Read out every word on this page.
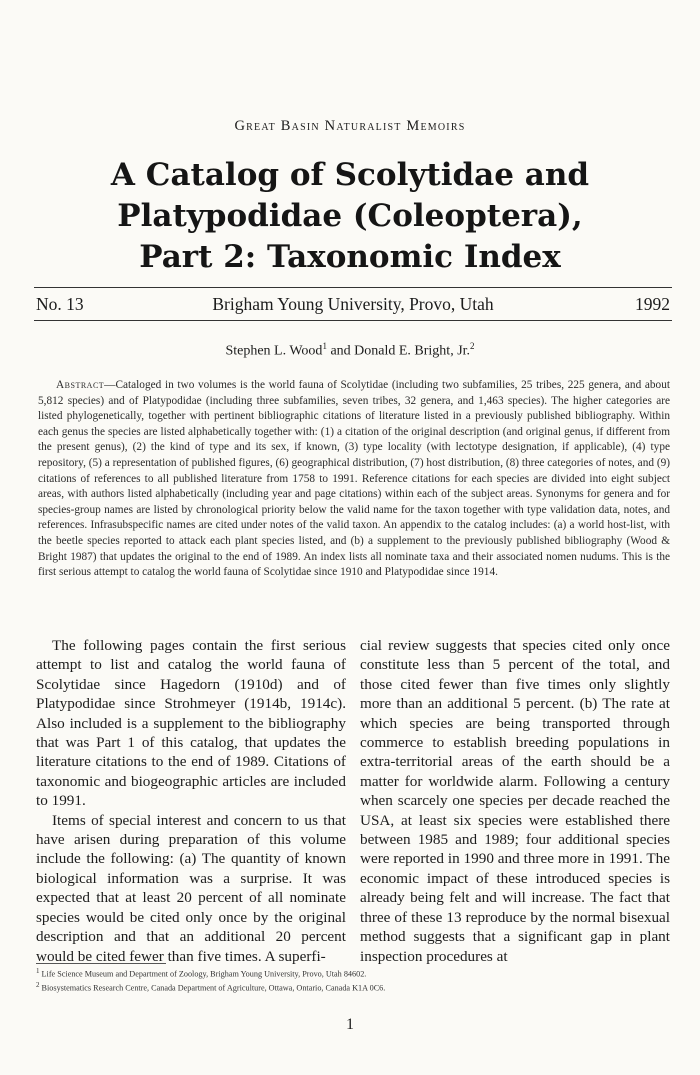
Great Basin Naturalist Memoirs
A Catalog of Scolytidae and
Platypodidae (Coleoptera),
Part 2: Taxonomic Index
Brigham Young University, Provo, Utah
No. 13	1992
Stephen L. Wood$^1$ and Donald E. Bright, Jr.$^2$
Abstract—Cataloged in two volumes is the world fauna of Scolytidae (including two subfamilies, 25 tribes, 225 genera, and about 5,812 species) and of Platypodidae (including three subfamilies, seven tribes, 32 genera, and 1,463 species). The higher categories are listed phylogenetically, together with pertinent bibliographic citations of literature listed in a previously published bibliography. Within each genus the species are listed alphabetically together with: (1) a citation of the original description (and original genus, if different from the present genus), (2) the kind of type and its sex, if known, (3) type locality (with lectotype designation, if applicable), (4) type repository, (5) a representation of published figures, (6) geographical distribution, (7) host distribution, (8) three categories of notes, and (9) citations of references to all published literature from 1758 to 1991. Reference citations for each species are divided into eight subject areas, with authors listed alphabetically (including year and page citations) within each of the subject areas. Synonyms for genera and for species-group names are listed by chronological priority below the valid name for the taxon together with type validation data, notes, and references. Infrasubspecific names are cited under notes of the valid taxon. An appendix to the catalog includes: (a) a world host-list, with the beetle species reported to attack each plant species listed, and (b) a supplement to the previously published bibliography (Wood & Bright 1987) that updates the original to the end of 1989. An index lists all nominate taxa and their associated nomen nudums. This is the first serious attempt to catalog the world fauna of Scolytidae since 1910 and Platypodidae since 1914.

The following pages contain the first serious attempt to list and catalog the world fauna of Scolytidae since Hagedorn (1910d) and of Platypodidae since Strohmeyer (1914b, 1914c). Also included is a supplement to the bibliography that was Part 1 of this catalog, that updates the literature citations to the end of 1989. Citations of taxonomic and biogeographic articles are included to 1991.

Items of special interest and concern to us that have arisen during preparation of this volume include the following: (a) The quantity of known biological information was a surprise. It was expected that at least 20 percent of all nominate species would be cited only once by the original description and that an additional 20 percent would be cited fewer than five times. A superfi-

cial review suggests that species cited only once constitute less than 5 percent of the total, and those cited fewer than five times only slightly more than an additional 5 percent. (b) The rate at which species are being transported through commerce to establish breeding populations in extra-territorial areas of the earth should be a matter for worldwide alarm. Following a century when scarcely one species per decade reached the USA, at least six species were established there between 1985 and 1989; four additional species were reported in 1990 and three more in 1991. The economic impact of these introduced species is already being felt and will increase. The fact that three of these 13 reproduce by the normal bisexual method suggests that a significant gap in plant inspection procedures at

$^1$ Life Science Museum and Department of Zoology, Brigham Young University, Provo, Utah 84602.
$^2$ Biosystematics Research Centre, Canada Department of Agriculture, Ottawa, Ontario, Canada K1A 0C6.
1
